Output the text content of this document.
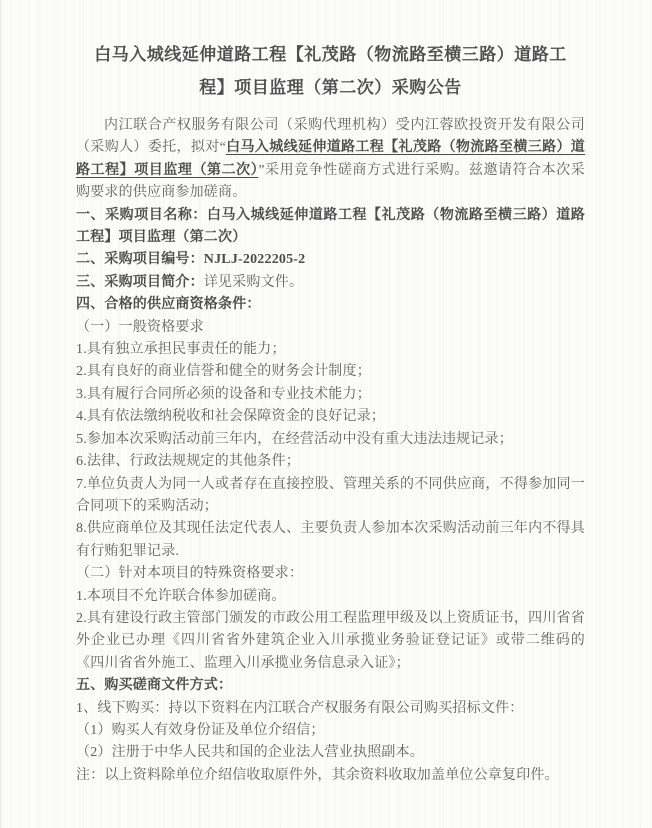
白马入城线延伸道路工程【礼茂路（物流路至横三路）道路工
程】项目监理（第二次）采购公告

内江联合产权服务有限公司（采购代理机构）受内江蓉欧投资开发有限公司（采购人）委托，拟对“白马入城线延伸道路工程【礼茂路（物流路至横三路）道路工程】项目监理（第二次）”采用竞争性磋商方式进行采购。兹邀请符合本次采购要求的供应商参加磋商。

一、采购项目名称：白马入城线延伸道路工程【礼茂路（物流路至横三路）道路工程】项目监理（第二次）

二、采购项目编号：NJLJ-2022205-2

三、采购项目简介：详见采购文件。

四、合格的供应商资格条件：

（一）一般资格要求

1.具有独立承担民事责任的能力；

2.具有良好的商业信誉和健全的财务会计制度；

3.具有履行合同所必须的设备和专业技术能力；

4.具有依法缴纳税收和社会保障资金的良好记录；

5.参加本次采购活动前三年内，在经营活动中没有重大违法违规记录；

6.法律、行政法规规定的其他条件；

7.单位负责人为同一人或者存在直接控股、管理关系的不同供应商，不得参加同一合同项下的采购活动；

8.供应商单位及其现任法定代表人、主要负责人参加本次采购活动前三年内不得具有行贿犯罪记录.

（二）针对本项目的特殊资格要求：

1.本项目不允许联合体参加磋商。

2.具有建设行政主管部门颁发的市政公用工程监理甲级及以上资质证书，四川省省外企业已办理《四川省省外建筑企业入川承揽业务验证登记证》或带二维码的《四川省省外施工、监理入川承揽业务信息录入证》；

五、购买磋商文件方式：

1、线下购买：持以下资料在内江联合产权服务有限公司购买招标文件：

（1）购买人有效身份证及单位介绍信；

（2）注册于中华人民共和国的企业法人营业执照副本。

注：以上资料除单位介绍信收取原件外，其余资料收取加盖单位公章复印件。
